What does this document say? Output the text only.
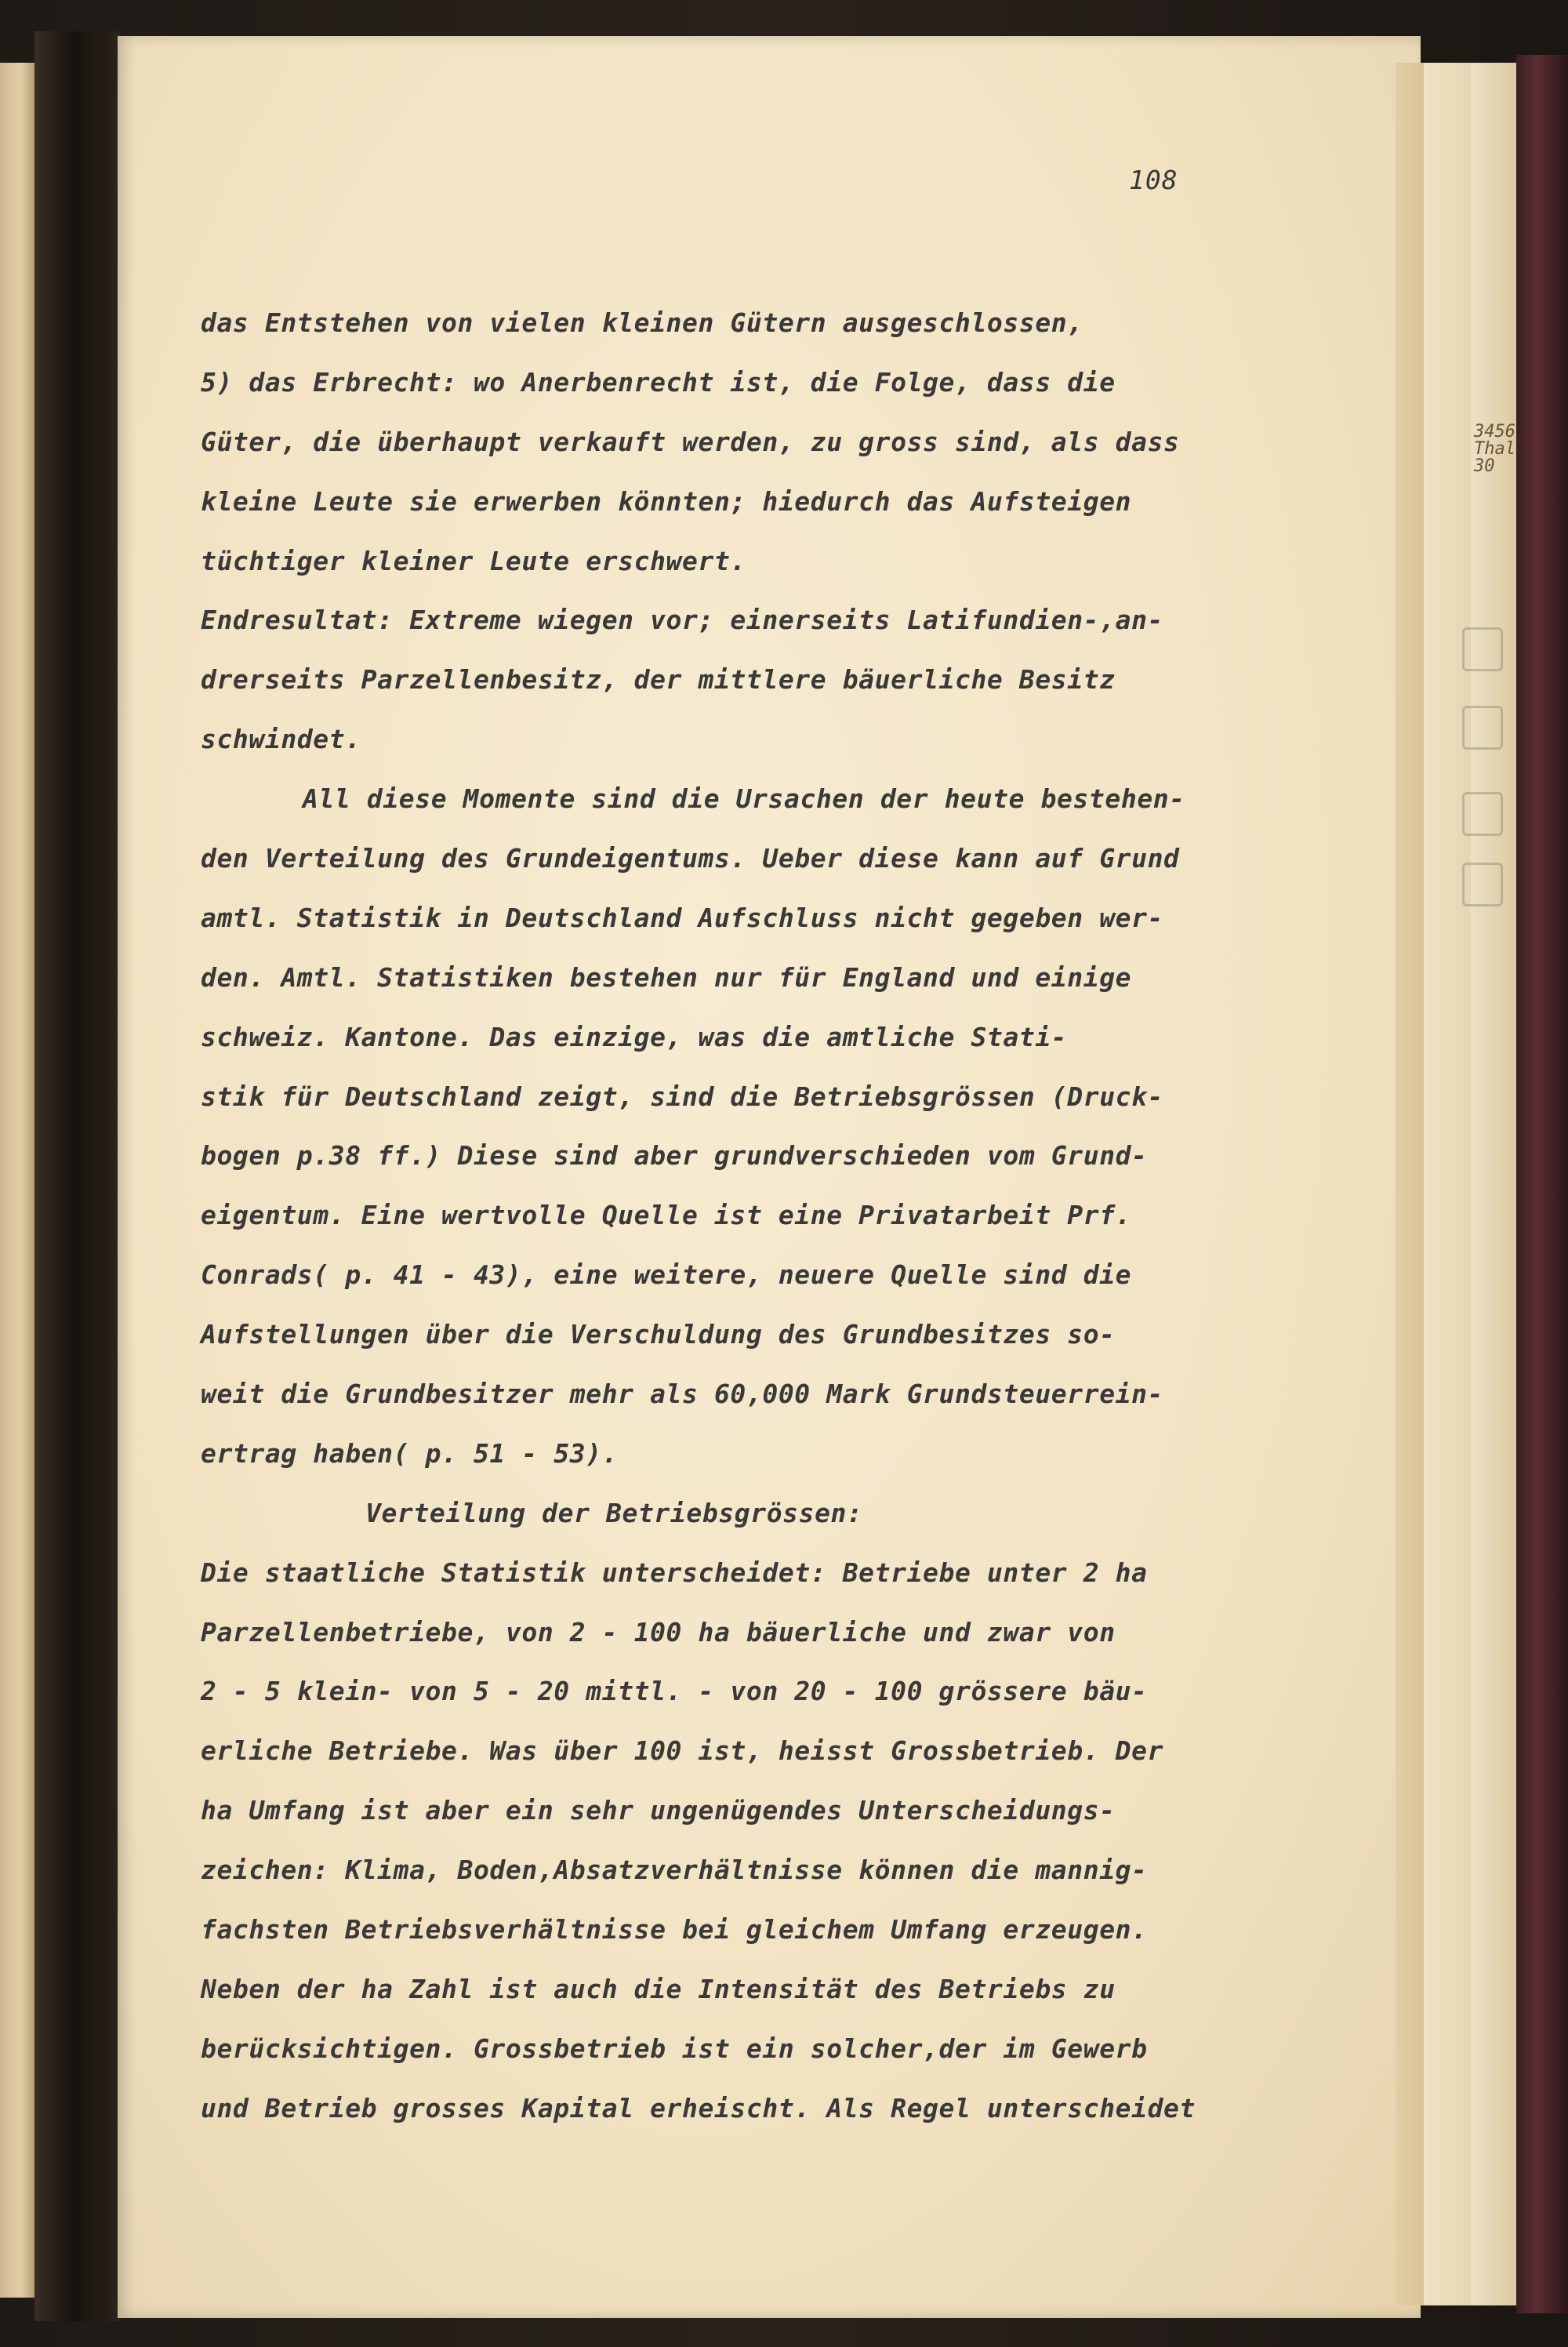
3456
Thal
30
108
das Entstehen von vielen kleinen Gütern ausgeschlossen,
5) das Erbrecht: wo Anerbenrecht ist, die Folge, dass die
Güter, die überhaupt verkauft werden, zu gross sind, als dass
kleine Leute sie erwerben könnten; hiedurch das Aufsteigen
tüchtiger kleiner Leute erschwert.
Endresultat: Extreme wiegen vor; einerseits Latifundien-,an-
drerseits Parzellenbesitz, der mittlere bäuerliche Besitz
schwindet.
All diese Momente sind die Ursachen der heute bestehen-
den Verteilung des Grundeigentums. Ueber diese kann auf Grund
amtl. Statistik in Deutschland Aufschluss nicht gegeben wer-
den. Amtl. Statistiken bestehen nur für England und einige
schweiz. Kantone. Das einzige, was die amtliche Stati-
stik für Deutschland zeigt, sind die Betriebsgrössen (Druck-
bogen p.38 ff.) Diese sind aber grundverschieden vom Grund-
eigentum. Eine wertvolle Quelle ist eine Privatarbeit Prf.
Conrads( p. 41 - 43), eine weitere, neuere Quelle sind die
Aufstellungen über die Verschuldung des Grundbesitzes so-
weit die Grundbesitzer mehr als 60,000 Mark Grundsteuerrein-
ertrag haben( p. 51 - 53).
Verteilung der Betriebsgrössen:
Die staatliche Statistik unterscheidet: Betriebe unter 2 ha
Parzellenbetriebe, von 2 - 100 ha bäuerliche und zwar von
2 - 5 klein- von 5 - 20 mittl. - von 20 - 100 grössere bäu-
erliche Betriebe. Was über 100 ist, heisst Grossbetrieb. Der
ha Umfang ist aber ein sehr ungenügendes Unterscheidungs-
zeichen: Klima, Boden,Absatzverhältnisse können die mannig-
fachsten Betriebsverhältnisse bei gleichem Umfang erzeugen.
Neben der ha Zahl ist auch die Intensität des Betriebs zu
berücksichtigen. Grossbetrieb ist ein solcher,der im Gewerb
und Betrieb grosses Kapital erheischt. Als Regel unterscheidet
